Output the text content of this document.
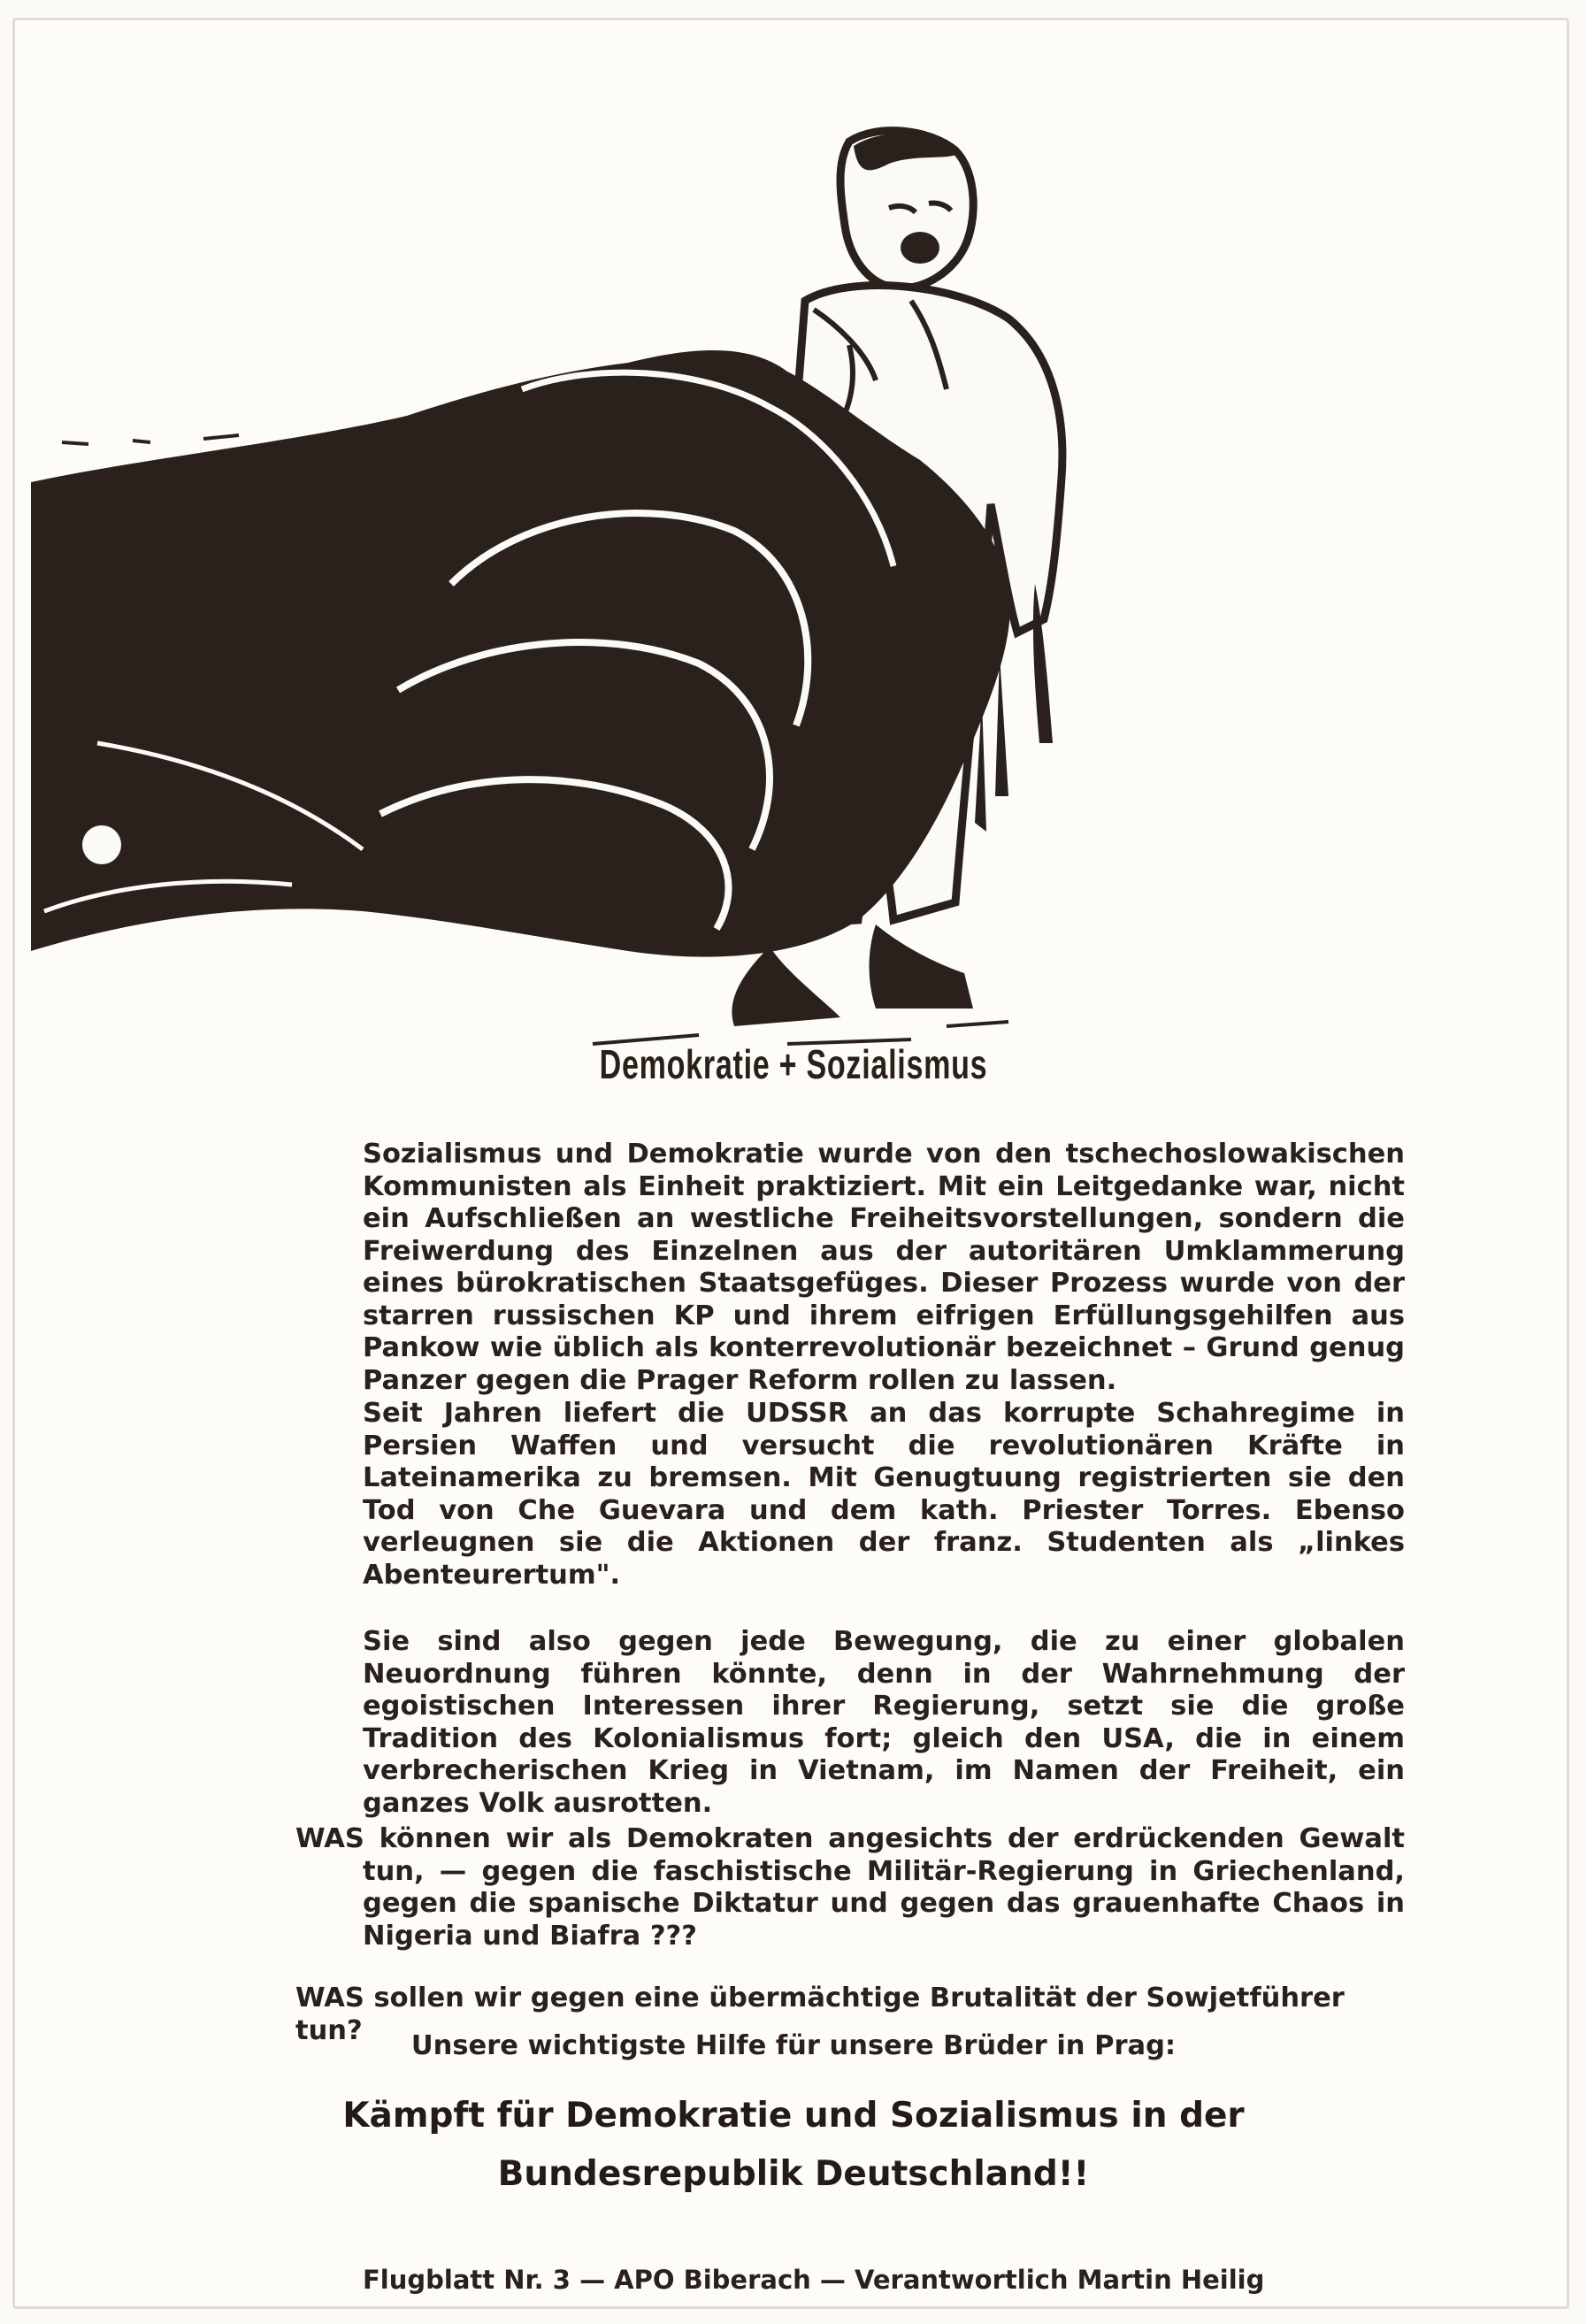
Demokratie + Sozialismus

Sozialismus und Demokratie wurde von den tschechoslowakischen Kommunisten als Einheit praktiziert. Mit ein Leitgedanke war, nicht ein Aufschließen an westliche Freiheitsvorstellungen, sondern die Freiwerdung des Einzelnen aus der autoritären Umklammerung eines bürokratischen Staatsgefüges. Dieser Prozess wurde von der starren russischen KP und ihrem eifrigen Erfüllungsgehilfen aus Pankow wie üblich als konterrevolutionär bezeichnet – Grund genug Panzer gegen die Prager Reform rollen zu lassen.

Seit Jahren liefert die UDSSR an das korrupte Schahregime in Persien Waffen und versucht die revolutionären Kräfte in Lateinamerika zu bremsen. Mit Genugtuung registrierten sie den Tod von Che Guevara und dem kath. Priester Torres. Ebenso verleugnen sie die Aktionen der franz. Studenten als „linkes Abenteurertum".

Sie sind also gegen jede Bewegung, die zu einer globalen Neuordnung führen könnte, denn in der Wahrnehmung der egoistischen Interessen ihrer Regierung, setzt sie die große Tradition des Kolonialismus fort; gleich den USA, die in einem verbrecherischen Krieg in Vietnam, im Namen der Freiheit, ein ganzes Volk ausrotten.

WAS können wir als Demokraten angesichts der erdrückenden Gewalt tun, — gegen die faschistische Militär-Regierung in Griechenland, gegen die spanische Diktatur und gegen das grauenhafte Chaos in Nigeria und Biafra ???

WAS sollen wir gegen eine übermächtige Brutalität der Sowjetführer tun?	Unsere wichtigste Hilfe für unsere Brüder in Prag:
Kämpft für Demokratie und Sozialismus in der
Bundesrepublik Deutschland!!
Flugblatt Nr. 3 — APO Biberach — Verantwortlich Martin Heilig
